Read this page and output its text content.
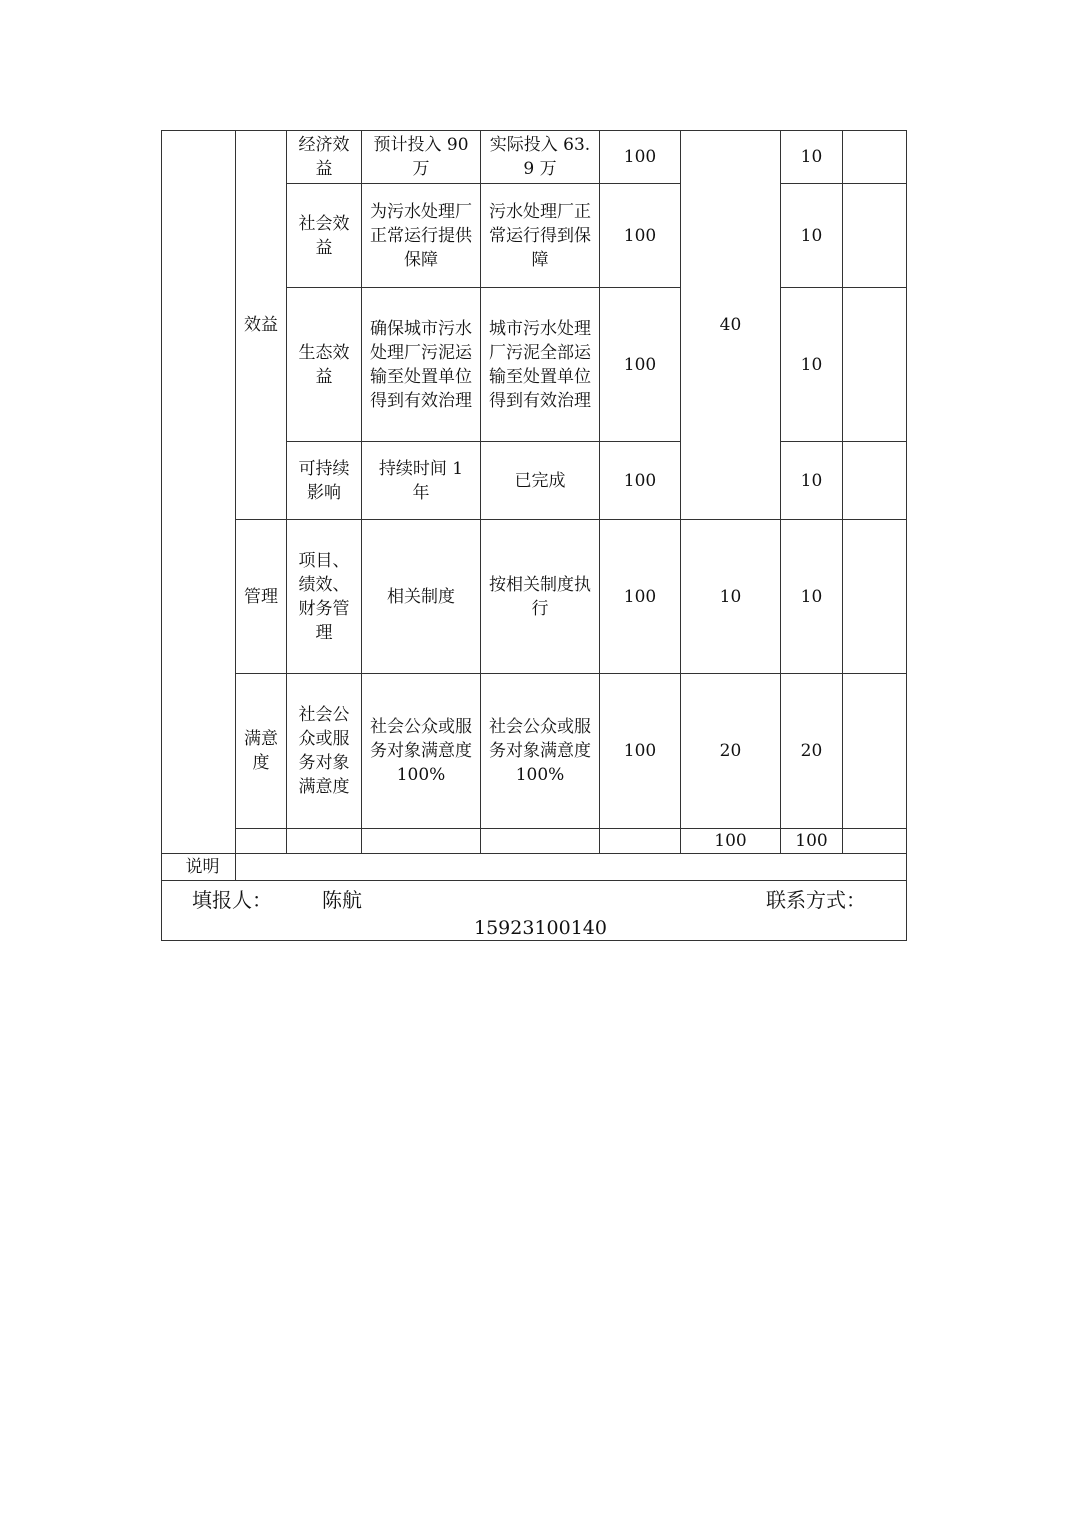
	效益	经济效益	预计投入 90 万	实际投入 63.9 万	100	40	10	
		社会效益	为污水处理厂正常运行提供保障	污水处理厂正常运行得到保障	100		10	
		生态效益	确保城市污水处理厂污泥运输至处置单位得到有效治理	城市污水处理厂污泥全部运输至处置单位得到有效治理	100		10	
		可持续影响	持续时间 1 年	已完成	100		10	
	管理	项目、绩效、财务管理	相关制度	按相关制度执行	100	10	10	
	满意度	社会公众或服务对象满意度	社会公众或服务对象满意度 100%	社会公众或服务对象满意度 100%	100	20	20	
						100	100	
说明								

填报人： 陈航 联系方式：
15923100140								
